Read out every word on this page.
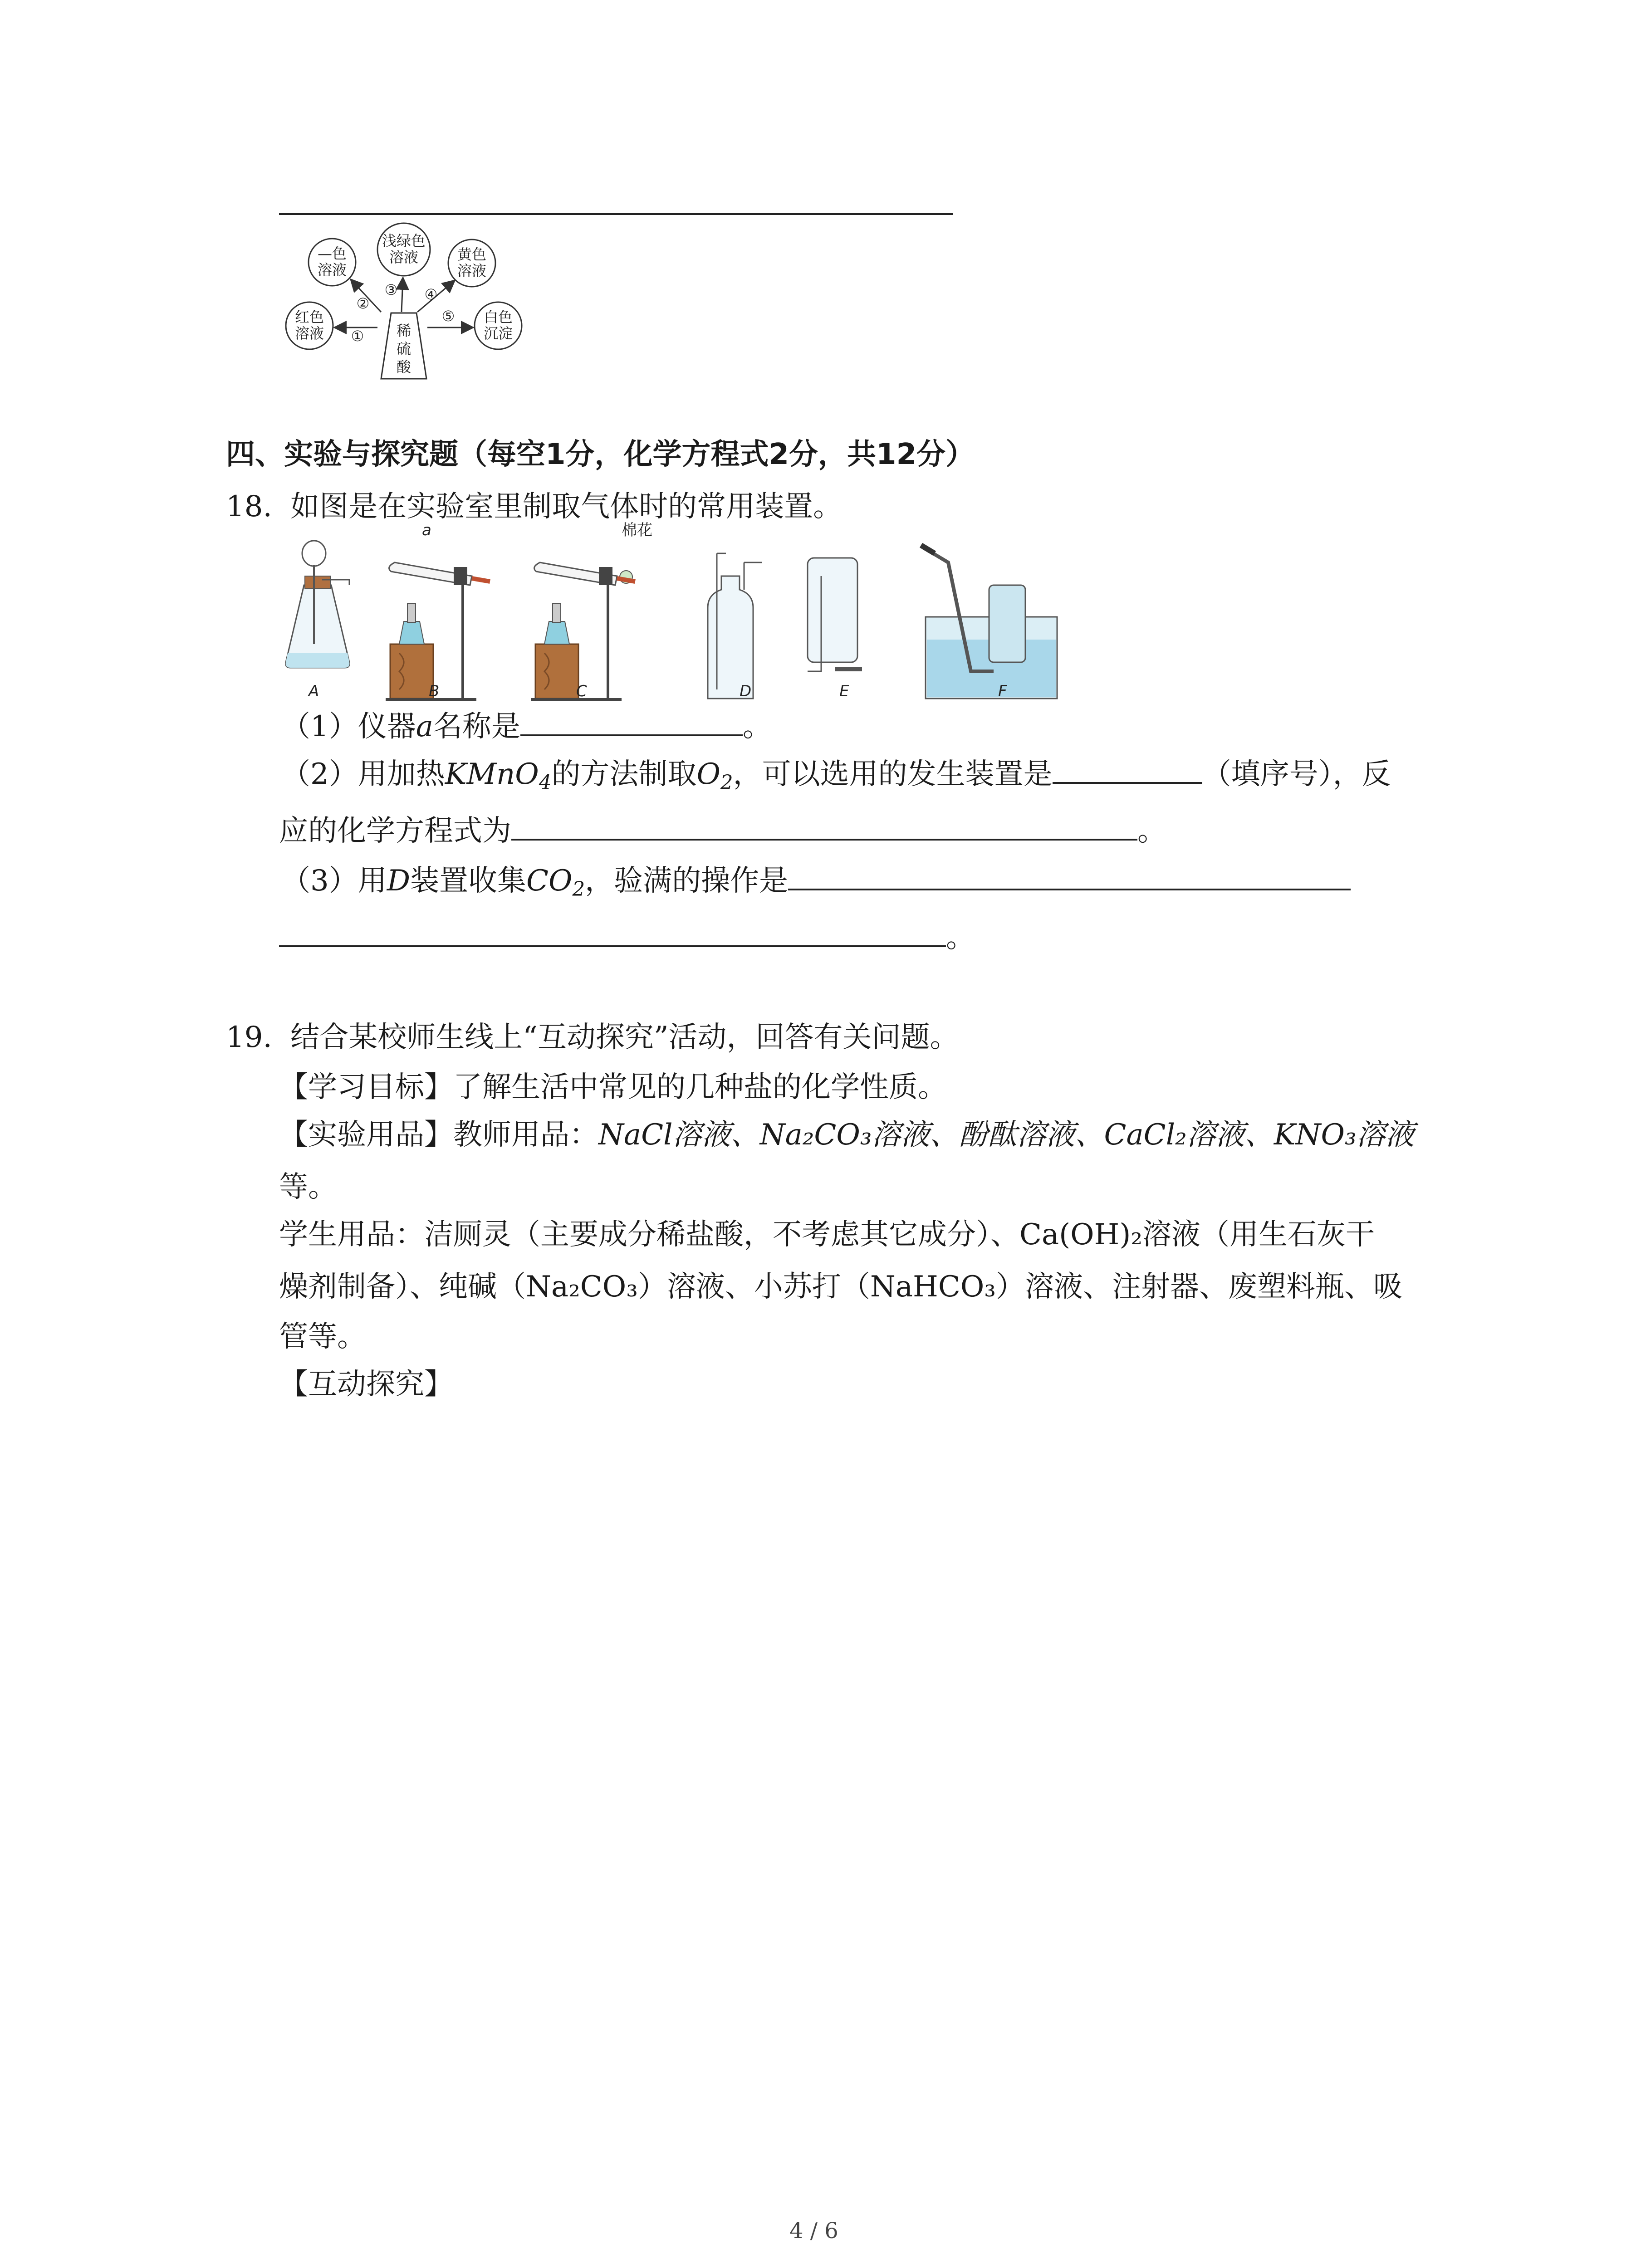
—色
溶液
浅绿色
溶液	黄色
溶液
红色
溶液
白色
沉淀
稀
硫
酸
①
②
③ ④
⑤
四、实验与探究题（每空1分，化学方程式2分，共12分）
18. 如图是在实验室里制取气体时的常用装置。
a	棉花
A	B	C	D	E	F
（1）仪器a名称是	。
（2）用加热KMnO$_4$的方法制取$O_2$，可以选用的发生装置是	（填序号），反
应的化学方程式为	。
（3）用D装置收集$CO_2$，验满的操作是
。
19. 结合某校师生线上“互动探究”活动，回答有关问题。
【学习目标】了解生活中常见的几种盐的化学性质。
【实验用品】教师用品：NaCl溶液、Na₂CO₃溶液、酚酞溶液、CaCl₂溶液、KNO₃溶液
等。
学生用品：洁厕灵（主要成分稀盐酸，不考虑其它成分）、Ca(OH)₂溶液（用生石灰干
燥剂制备）、纯碱（Na₂CO₃）溶液、小苏打（NaHCO₃）溶液、注射器、废塑料瓶、吸
管等。
【互动探究】
4 / 6
